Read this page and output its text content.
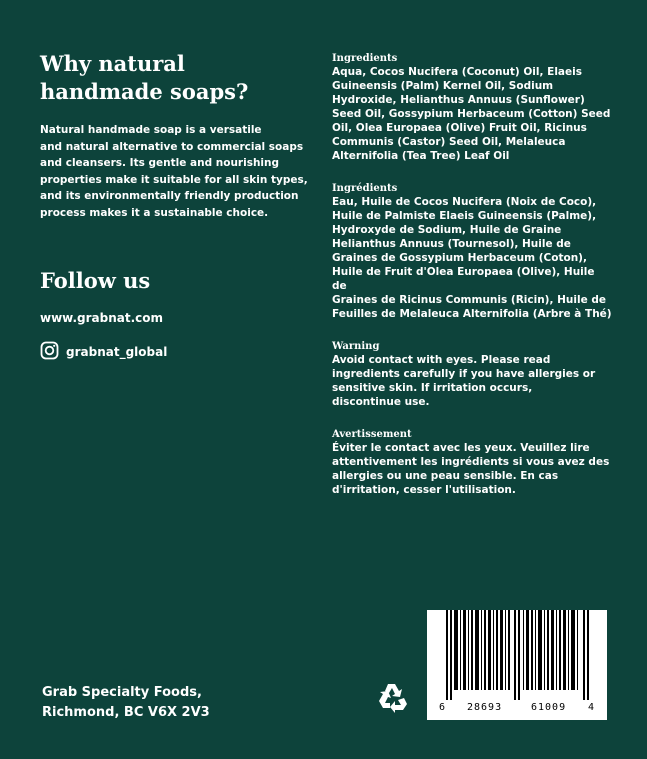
Why natural
handmade soaps?
Natural handmade soap is a versatile
and natural alternative to commercial soaps
and cleansers. Its gentle and nourishing
properties make it suitable for all skin types,
and its environmentally friendly production
process makes it a sustainable choice.
Follow us
www.grabnat.com
grabnat_global
Ingredients
Aqua, Cocos Nucifera (Coconut) Oil, Elaeis
Guineensis (Palm) Kernel Oil, Sodium
Hydroxide, Helianthus Annuus (Sunflower)
Seed Oil, Gossypium Herbaceum (Cotton) Seed
Oil, Olea Europaea (Olive) Fruit Oil, Ricinus
Communis (Castor) Seed Oil, Melaleuca
Alternifolia (Tea Tree) Leaf Oil
Ingrédients
Eau, Huile de Cocos Nucifera (Noix de Coco),
Huile de Palmiste Elaeis Guineensis (Palme),
Hydroxyde de Sodium, Huile de Graine
Helianthus Annuus (Tournesol), Huile de
Graines de Gossypium Herbaceum (Coton),
Huile de Fruit d'Olea Europaea (Olive), Huile de
Graines de Ricinus Communis (Ricin), Huile de
Feuilles de Melaleuca Alternifolia (Arbre à Thé)
Warning
Avoid contact with eyes. Please read
ingredients carefully if you have allergies or
sensitive skin. If irritation occurs,
discontinue use.
Avertissement
Éviter le contact avec les yeux. Veuillez lire
attentivement les ingrédients si vous avez des
allergies ou une peau sensible. En cas
d'irritation, cesser l'utilisation.
Grab Specialty Foods,
Richmond, BC V6X 2V3	6 28693	61009 4
